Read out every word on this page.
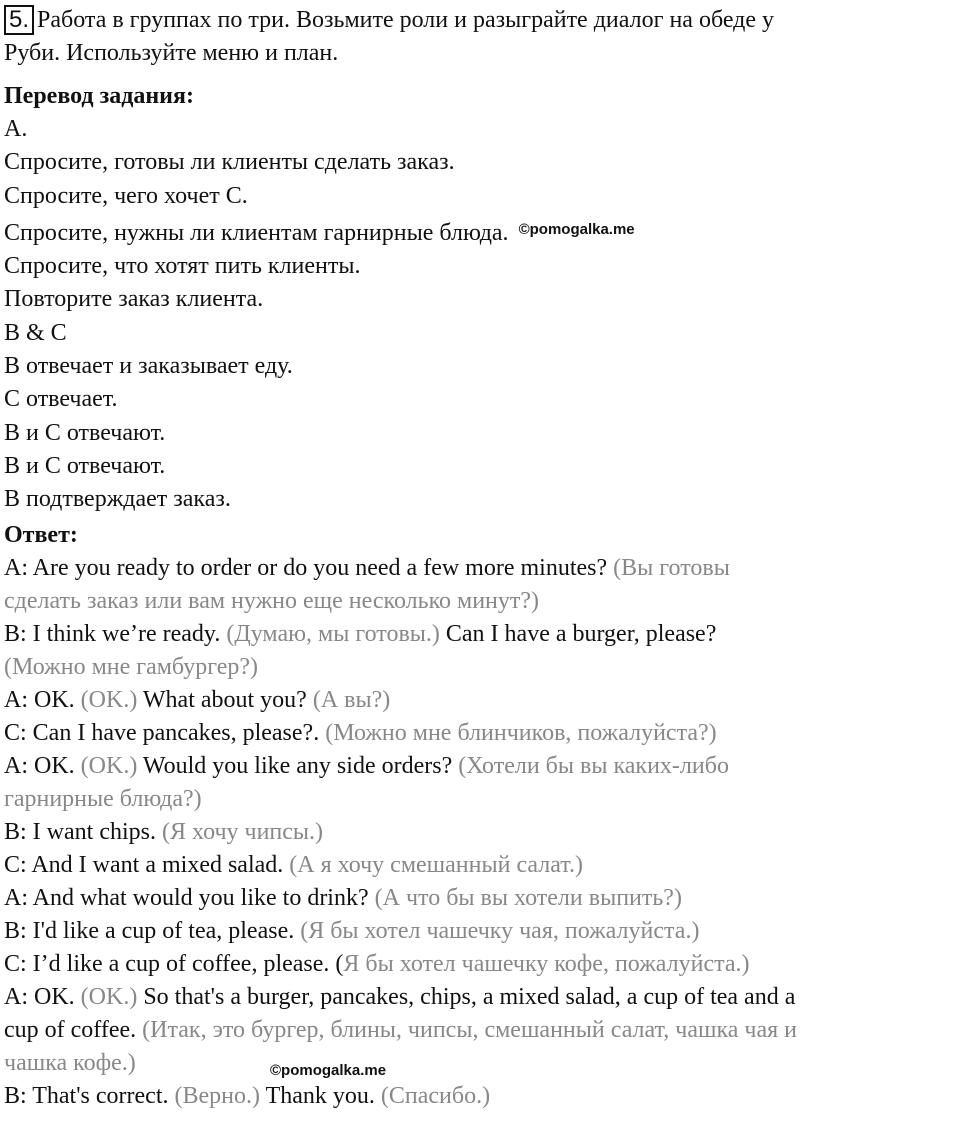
5. Работа в группах по три. Возьмите роли и разыграйте диалог на обеде у
Руби. Используйте меню и план.
Перевод задания:
А.
Спросите, готовы ли клиенты сделать заказ.
Спросите, чего хочет С.
Спросите, нужны ли клиентам гарнирные блюда. $^{©pomogalka.me}$
Спросите, что хотят пить клиенты.
Повторите заказ клиента.
В & С
В отвечает и заказывает еду.
С отвечает.
В и С отвечают.
В и С отвечают.
В подтверждает заказ.
Ответ:
A: Are you ready to order or do you need a few more minutes? (Вы готовы
сделать заказ или вам нужно еще несколько минут?)
B: I think we’re ready. (Думаю, мы готовы.) Can I have a burger, please?
(Можно мне гамбургер?)
A: OK. (OK.) What about you? (А вы?)
C: Can I have pancakes, please?. (Можно мне блинчиков, пожалуйста?)
A: OK. (OK.) Would you like any side orders? (Хотели бы вы каких-либо
гарнирные блюда?)
B: I want chips. (Я хочу чипсы.)
C: And I want a mixed salad. (А я хочу смешанный салат.)
A: And what would you like to drink? (А что бы вы хотели выпить?)
B: I'd like a cup of tea, please. (Я бы хотел чашечку чая, пожалуйста.)
C: I’d like a cup of coffee, please. (Я бы хотел чашечку кофе, пожалуйста.)
A: OK. (OK.) So that's a burger, pancakes, chips, a mixed salad, a cup of tea and a
cup of coffee. (Итак, это бургер, блины, чипсы, смешанный салат, чашка чая и
чашка кофе.)
B: That's correct. (Верно.) Thank you. (Спасибо.)
©pomogalka.me
